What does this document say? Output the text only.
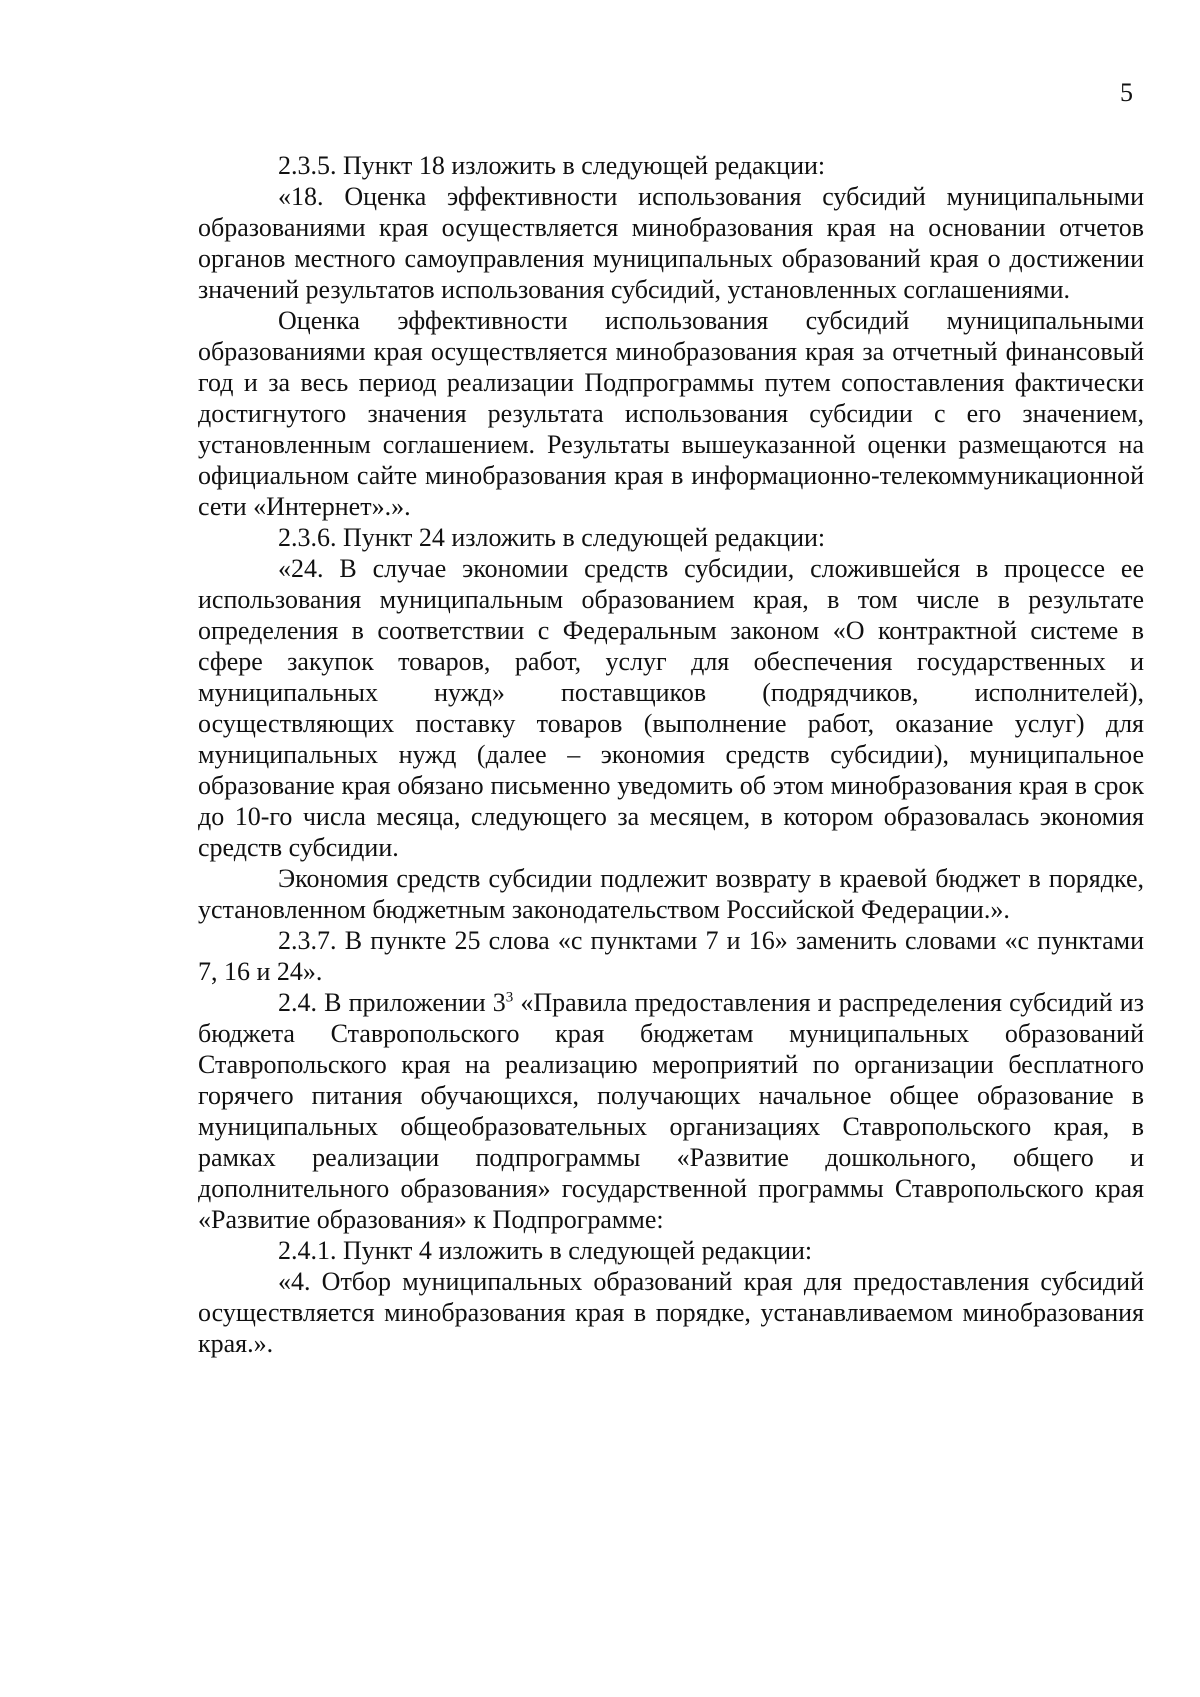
5

2.3.5. Пункт 18 изложить в следующей редакции:

«18. Оценка эффективности использования субсидий муниципальными образованиями края осуществляется минобразования края на основании отчетов органов местного самоуправления муниципальных образований края о достижении значений результатов использования субсидий, установленных соглашениями.

Оценка эффективности использования субсидий муниципальными образованиями края осуществляется минобразования края за отчетный финансовый год и за весь период реализации Подпрограммы путем сопоставления фактически достигнутого значения результата использования субсидии с его значением, установленным соглашением. Результаты вышеуказанной оценки размещаются на официальном сайте минобразования края в информационно-телекоммуникационной сети «Интернет».».

2.3.6. Пункт 24 изложить в следующей редакции:

«24. В случае экономии средств субсидии, сложившейся в процессе ее использования муниципальным образованием края, в том числе в результате определения в соответствии с Федеральным законом «О контрактной системе в сфере закупок товаров, работ, услуг для обеспечения государственных и муниципальных нужд» поставщиков (подрядчиков, исполнителей), осуществляющих поставку товаров (выполнение работ, оказание услуг) для муниципальных нужд (далее – экономия средств субсидии), муниципальное образование края обязано письменно уведомить об этом минобразования края в срок до 10-го числа месяца, следующего за месяцем, в котором образовалась экономия средств субсидии.

Экономия средств субсидии подлежит возврату в краевой бюджет в порядке, установленном бюджетным законодательством Российской Федерации.».

2.3.7. В пункте 25 слова «с пунктами 7 и 16» заменить словами «с пунктами 7, 16 и 24».

2.4. В приложении $3^3$ «Правила предоставления и распределения субсидий из бюджета Ставропольского края бюджетам муниципальных образований Ставропольского края на реализацию мероприятий по организации бесплатного горячего питания обучающихся, получающих начальное общее образование в муниципальных общеобразовательных организациях Ставропольского края, в рамках реализации подпрограммы «Развитие дошкольного, общего и дополнительного образования» государственной программы Ставропольского края «Развитие образования» к Подпрограмме:

2.4.1. Пункт 4 изложить в следующей редакции:

«4. Отбор муниципальных образований края для предоставления субсидий осуществляется минобразования края в порядке, устанавливаемом минобразования края.».
